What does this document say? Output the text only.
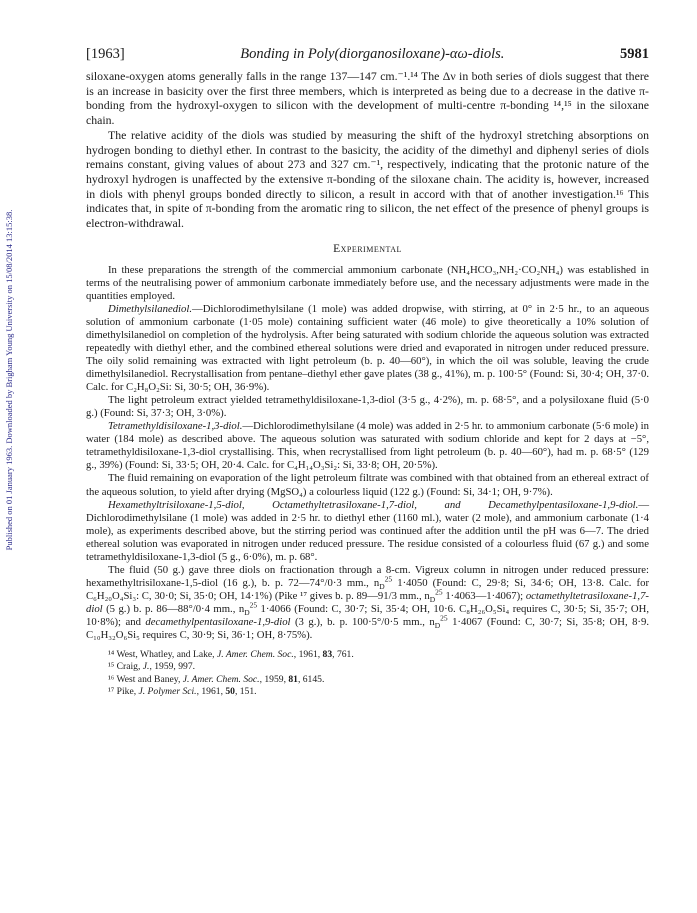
Published on 01 January 1963. Downloaded by Brigham Young University on 15/08/2014 13:15:38.
[1963]	Bonding in Poly(diorganosiloxane)-αω-diols.	5981

siloxane-oxygen atoms generally falls in the range 137—147 cm.⁻¹.¹⁴ The Δν in both series of diols suggest that there is an increase in basicity over the first three members, which is interpreted as being due to a decrease in the dative π-bonding from the hydroxyl-oxygen to silicon with the development of multi-centre π-bonding ¹⁴,¹⁵ in the siloxane chain.

The relative acidity of the diols was studied by measuring the shift of the hydroxyl stretching absorptions on hydrogen bonding to diethyl ether. In contrast to the basicity, the acidity of the dimethyl and diphenyl series of diols remains constant, giving values of about 273 and 327 cm.⁻¹, respectively, indicating that the protonic nature of the hydroxyl hydrogen is unaffected by the extensive π-bonding of the siloxane chain. The acidity is, however, increased in diols with phenyl groups bonded directly to silicon, a result in accord with that of another investigation.¹⁶ This indicates that, in spite of π-bonding from the aromatic ring to silicon, the net effect of the presence of phenyl groups is electron-withdrawal.

Experimental

In these preparations the strength of the commercial ammonium carbonate (NH₄HCO₃,NH₂·CO₂NH₄) was established in terms of the neutralising power of ammonium carbonate immediately before use, and the necessary adjustments were made in the quantities employed.

Dimethylsilanediol.—Dichlorodimethylsilane (1 mole) was added dropwise, with stirring, at 0° in 2·5 hr., to an aqueous solution of ammonium carbonate (1·05 mole) containing sufficient water (46 mole) to give theoretically a 10% solution of dimethylsilanediol on completion of the hydrolysis. After being saturated with sodium chloride the aqueous solution was extracted repeatedly with diethyl ether, and the combined ethereal solutions were dried and evaporated in nitrogen under reduced pressure. The oily solid remaining was extracted with light petroleum (b. p. 40—60°), in which the oil was soluble, leaving the crude dimethylsilanediol. Recrystallisation from pentane–diethyl ether gave plates (38 g., 41%), m. p. 100·5° (Found: Si, 30·4; OH, 37·0. Calc. for C₂H₈O₂Si: Si, 30·5; OH, 36·9%).

The light petroleum extract yielded tetramethyldisiloxane-1,3-diol (3·5 g., 4·2%), m. p. 68·5°, and a polysiloxane fluid (5·0 g.) (Found: Si, 37·3; OH, 3·0%).

Tetramethyldisiloxane-1,3-diol.—Dichlorodimethylsilane (4 mole) was added in 2·5 hr. to ammonium carbonate (5·6 mole) in water (184 mole) as described above. The aqueous solution was saturated with sodium chloride and kept for 2 days at −5°, tetramethyldisiloxane-1,3-diol crystallising. This, when recrystallised from light petroleum (b. p. 40—60°), had m. p. 68·5° (129 g., 39%) (Found: Si, 33·5; OH, 20·4. Calc. for C₄H₁₄O₃Si₂: Si, 33·8; OH, 20·5%).

The fluid remaining on evaporation of the light petroleum filtrate was combined with that obtained from an ethereal extract of the aqueous solution, to yield after drying (MgSO₄) a colourless liquid (122 g.) (Found: Si, 34·1; OH, 9·7%).

Hexamethyltrisiloxane-1,5-diol, Octamethyltetrasiloxane-1,7-diol, and Decamethylpentasiloxane-1,9-diol.—Dichlorodimethylsilane (1 mole) was added in 2·5 hr. to diethyl ether (1160 ml.), water (2 mole), and ammonium carbonate (1·4 mole), as experiments described above, but the stirring period was continued after the addition until the pH was 6—7. The dried ethereal solution was evaporated in nitrogen under reduced pressure. The residue consisted of a colourless fluid (67 g.) and some tetramethyldisiloxane-1,3-diol (5 g., 6·0%), m. p. 68°.

The fluid (50 g.) gave three diols on fractionation through a 8-cm. Vigreux column in nitrogen under reduced pressure: hexamethyltrisiloxane-1,5-diol (16 g.), b. p. 72—74°/0·3 mm., $n_D^{25}$ 1·4050 (Found: C, 29·8; Si, 34·6; OH, 13·8. Calc. for C₆H₂₀O₄Si₃: C, 30·0; Si, 35·0; OH, 14·1%) (Pike ¹⁷ gives b. p. 89—91/3 mm., $n_D^{25}$ 1·4063—1·4067); octamethyltetrasiloxane-1,7-diol (5 g.) b. p. 86—88°/0·4 mm., $n_D^{25}$ 1·4066 (Found: C, 30·7; Si, 35·4; OH, 10·6. C₈H₂₆O₅Si₄ requires C, 30·5; Si, 35·7; OH, 10·8%); and decamethylpentasiloxane-1,9-diol (3 g.), b. p. 100·5°/0·5 mm., $n_D^{25}$ 1·4067 (Found: C, 30·7; Si, 35·8; OH, 8·9. C₁₀H₃₂O₆Si₅ requires C, 30·9; Si, 36·1; OH, 8·75%).

¹⁴ West, Whatley, and Lake, J. Amer. Chem. Soc., 1961, 83, 761.
¹⁵ Craig, J., 1959, 997.
¹⁶ West and Baney, J. Amer. Chem. Soc., 1959, 81, 6145.
¹⁷ Pike, J. Polymer Sci., 1961, 50, 151.
